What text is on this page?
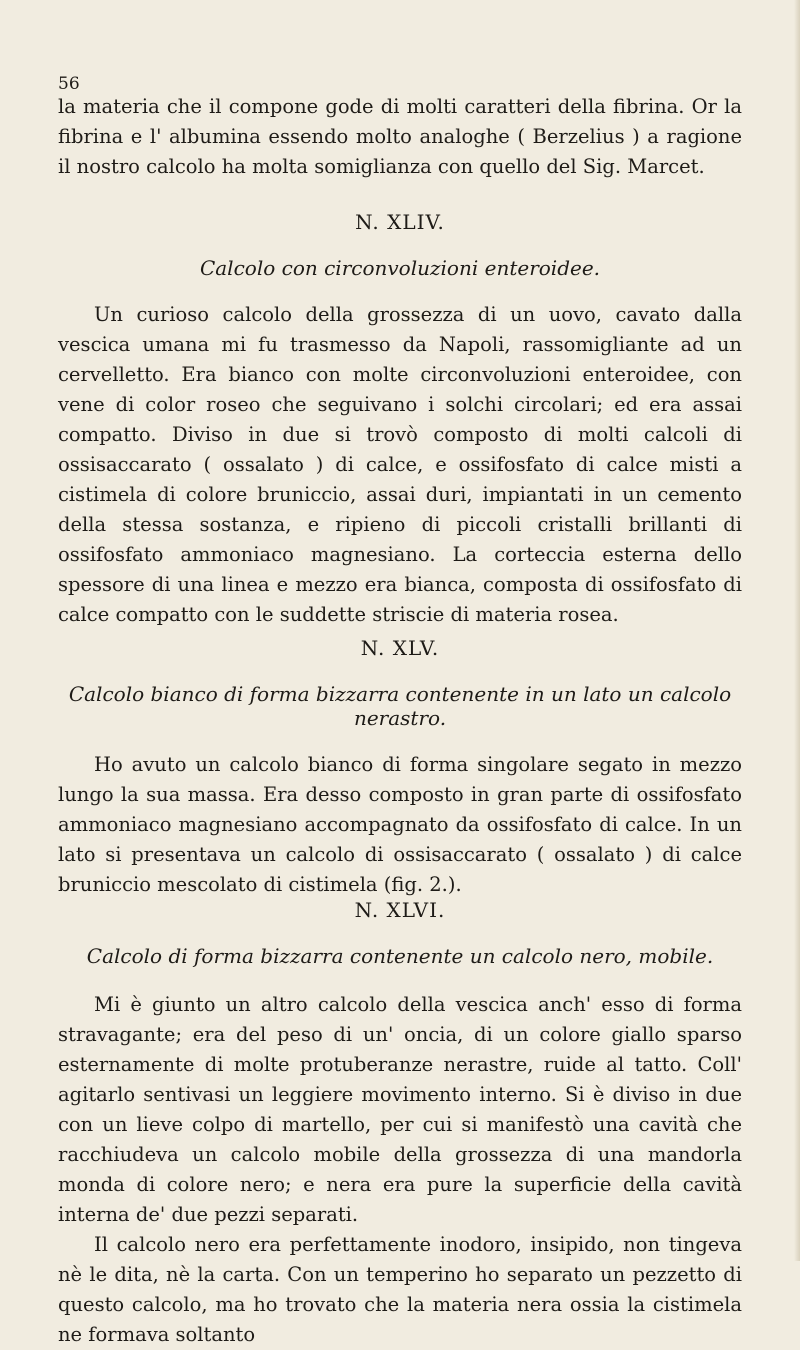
56

la materia che il compone gode di molti caratteri della fibrina. Or la fibrina e l' albumina essendo molto analoghe ( Berzelius ) a ragione il nostro calcolo ha molta somiglianza con quello del Sig. Marcet.

N. XLIV.
Calcolo con circonvoluzioni enteroidee.

Un curioso calcolo della grossezza di un uovo, cavato dalla vescica umana mi fu trasmesso da Napoli, rassomigliante ad un cervelletto. Era bianco con molte circonvoluzioni enteroidee, con vene di color roseo che seguivano i solchi circolari; ed era assai compatto. Diviso in due si trovò composto di molti calcoli di ossisaccarato ( ossalato ) di calce, e ossifosfato di calce misti a cistimela di colore bruniccio, assai duri, impiantati in un cemento della stessa sostanza, e ripieno di piccoli cristalli brillanti di ossifosfato ammoniaco magnesiano. La corteccia esterna dello spessore di una linea e mezzo era bianca, composta di ossifosfato di calce compatto con le suddette striscie di materia rosea.

N. XLV.
Calcolo bianco di forma bizzarra contenente in un lato un calcolo nerastro.

Ho avuto un calcolo bianco di forma singolare segato in mezzo lungo la sua massa. Era desso composto in gran parte di ossifosfato ammoniaco magnesiano accompagnato da ossifosfato di calce. In un lato si presentava un calcolo di ossisaccarato ( ossalato ) di calce bruniccio mescolato di cistimela (fig. 2.).

N. XLVI.
Calcolo di forma bizzarra contenente un calcolo nero, mobile.

Mi è giunto un altro calcolo della vescica anch' esso di forma stravagante; era del peso di un' oncia, di un colore giallo sparso esternamente di molte protuberanze nerastre, ruide al tatto. Coll' agitarlo sentivasi un leggiere movimento interno. Si è diviso in due con un lieve colpo di martello, per cui si manifestò una cavità che racchiudeva un calcolo mobile della grossezza di una mandorla monda di colore nero; e nera era pure la superficie della cavità interna de' due pezzi separati.

Il calcolo nero era perfettamente inodoro, insipido, non tingeva nè le dita, nè la carta. Con un temperino ho separato un pezzetto di questo calcolo, ma ho trovato che la materia nera ossia la cistimela ne formava soltanto
